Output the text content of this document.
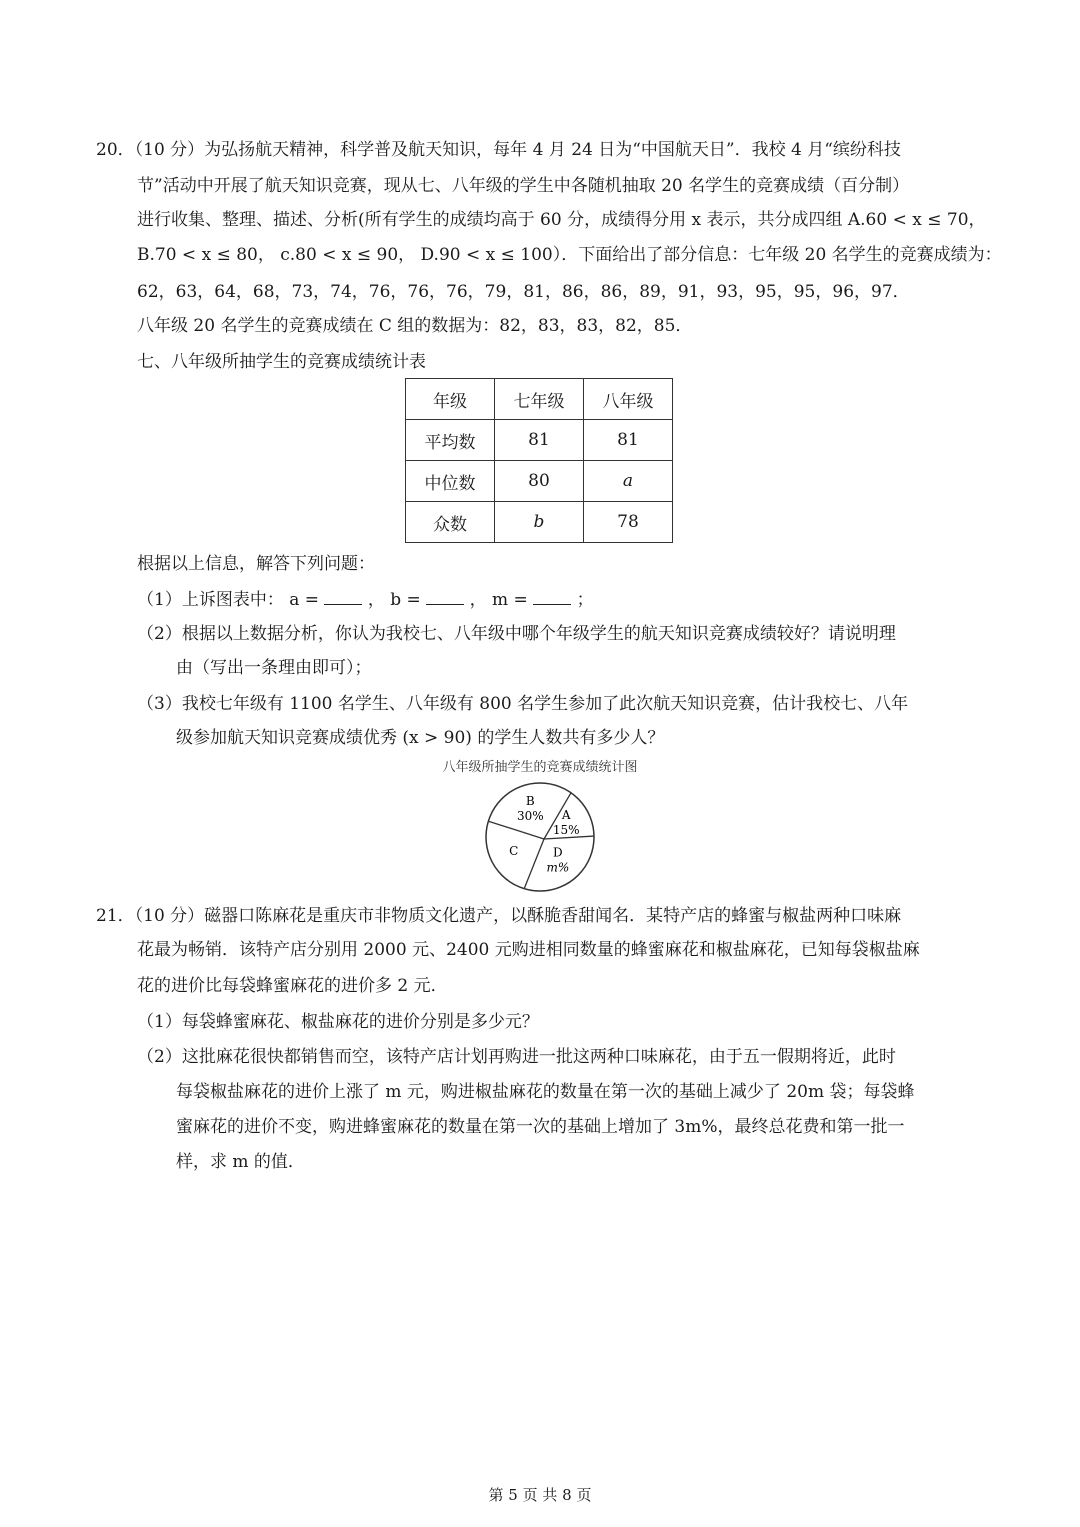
20．（10 分）为弘扬航天精神，科学普及航天知识，每年 4 月 24 日为“中国航天日”．我校 4 月“缤纷科技
节”活动中开展了航天知识竞赛，现从七、八年级的学生中各随机抽取 20 名学生的竞赛成绩（百分制）
进行收集、整理、描述、分析(所有学生的成绩均高于 60 分，成绩得分用 x 表示，共分成四组 A.60 < x ≤ 70，
B.70 < x ≤ 80， c.80 < x ≤ 90， D.90 < x ≤ 100）．下面给出了部分信息：七年级 20 名学生的竞赛成绩为：
62，63，64，68，73，74，76，76，76，79，81，86，86，89，91，93，95，95，96，97．
八年级 20 名学生的竞赛成绩在 C 组的数据为：82，83，83，82，85．
七、八年级所抽学生的竞赛成绩统计表
年级	七年级	八年级
平均数	81	81
中位数	80	a
众数	b	78
根据以上信息，解答下列问题：
（1）上诉图表中： a =	， b =	， m =	；
（2）根据以上数据分析，你认为我校七、八年级中哪个年级学生的航天知识竞赛成绩较好？请说明理
由（写出一条理由即可）；
（3）我校七年级有 1100 名学生、八年级有 800 名学生参加了此次航天知识竞赛，估计我校七、八年
级参加航天知识竞赛成绩优秀 (x > 90) 的学生人数共有多少人？
八年级所抽学生的竞赛成绩统计图
A
15%
D
m%
C
B
30%
21．（10 分）磁器口陈麻花是重庆市非物质文化遗产，以酥脆香甜闻名．某特产店的蜂蜜与椒盐两种口味麻
花最为畅销．该特产店分别用 2000 元、2400 元购进相同数量的蜂蜜麻花和椒盐麻花，已知每袋椒盐麻
花的进价比每袋蜂蜜麻花的进价多 2 元．
（1）每袋蜂蜜麻花、椒盐麻花的进价分别是多少元？
（2）这批麻花很快都销售而空，该特产店计划再购进一批这两种口味麻花，由于五一假期将近，此时
每袋椒盐麻花的进价上涨了 m 元，购进椒盐麻花的数量在第一次的基础上减少了 20m 袋；每袋蜂
蜜麻花的进价不变，购进蜂蜜麻花的数量在第一次的基础上增加了 3m%，最终总花费和第一批一
样，求 m 的值．
第 5 页 共 8 页
